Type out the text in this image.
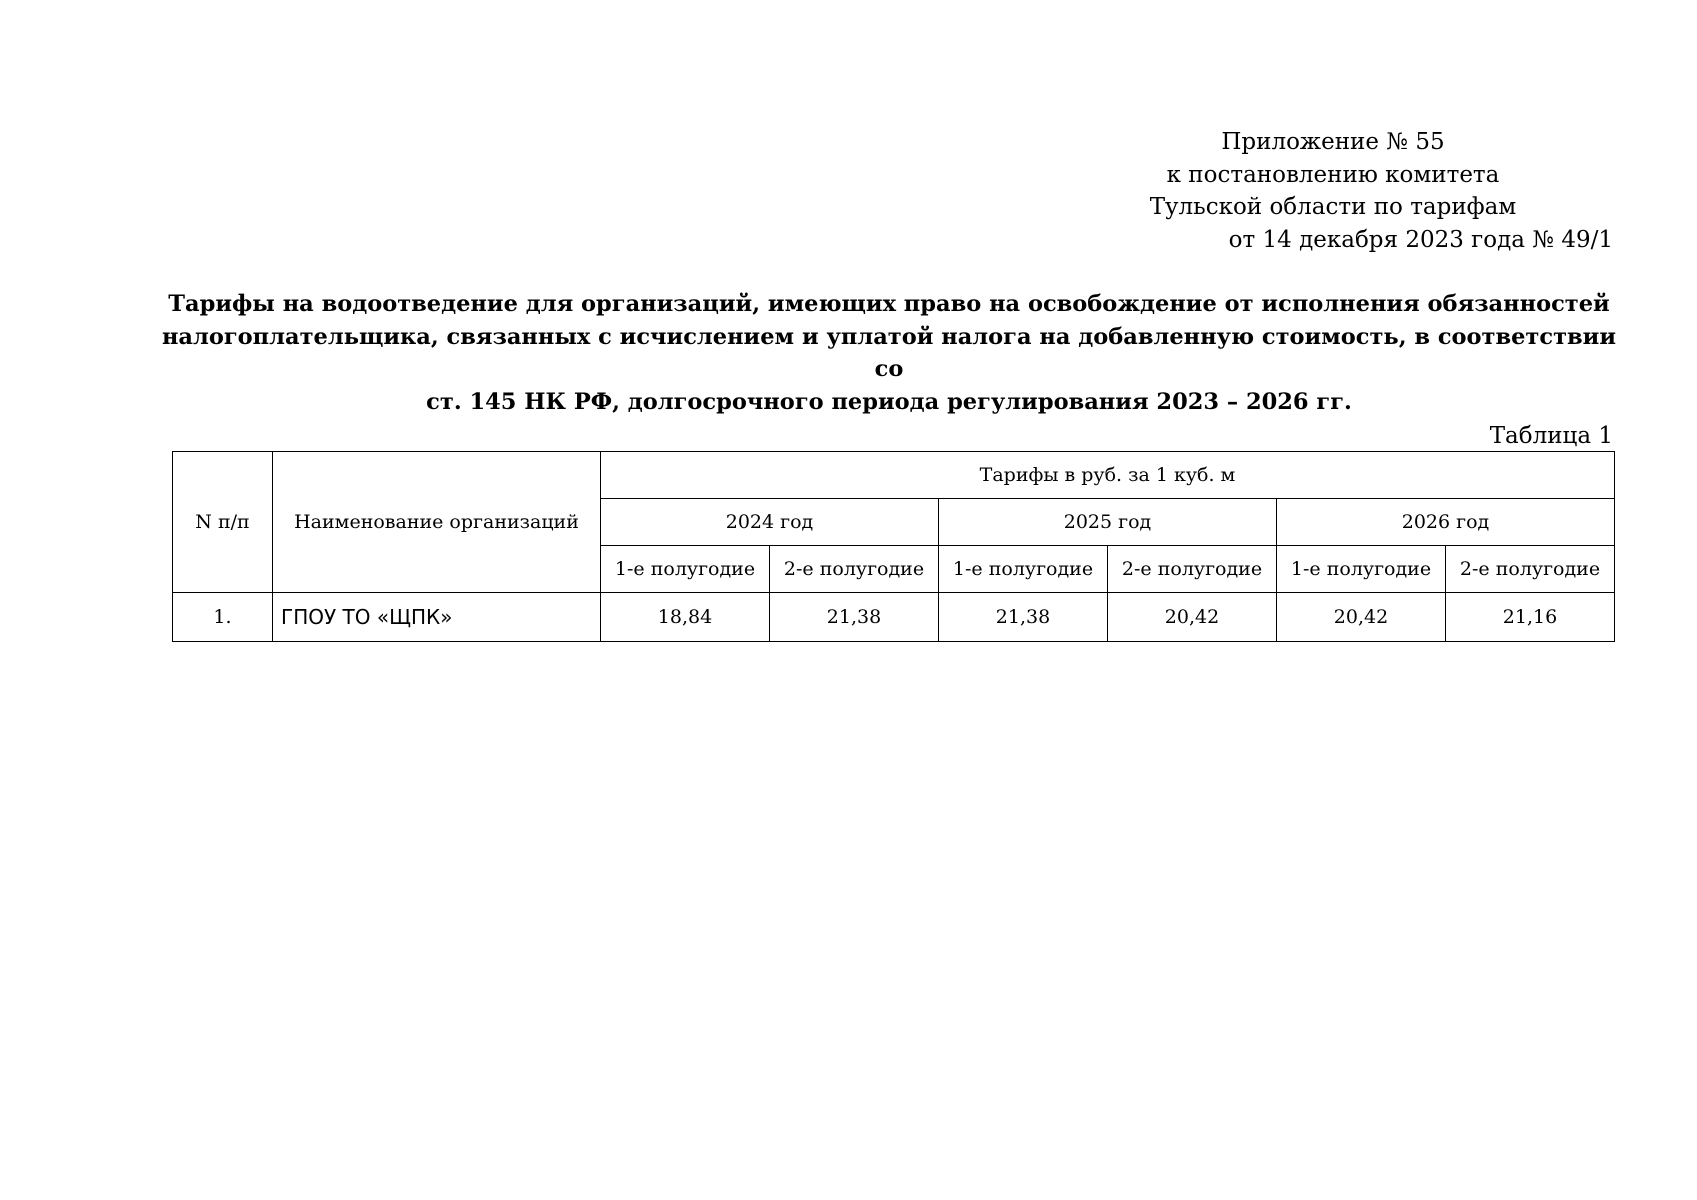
Приложение № 55
к постановлению комитета
Тульской области по тарифам
от 14 декабря 2023 года № 49/1
Тарифы на водоотведение для организаций, имеющих право на освобождение от исполнения обязанностей
налогоплательщика, связанных с исчислением и уплатой налога на добавленную стоимость, в соответствии со
ст. 145 НК РФ, долгосрочного периода регулирования 2023 – 2026 гг.
Таблица 1
N п/п	Наименование организаций	Тарифы в руб. за 1 куб. м					
		2024 год		2025 год		2026 год	
		1-е полугодие	2-е полугодие	1-е полугодие	2-е полугодие	1-е полугодие	2-е полугодие
1.	ГПОУ ТО «ЩПК»	18,84	21,38	21,38	20,42	20,42	21,16
